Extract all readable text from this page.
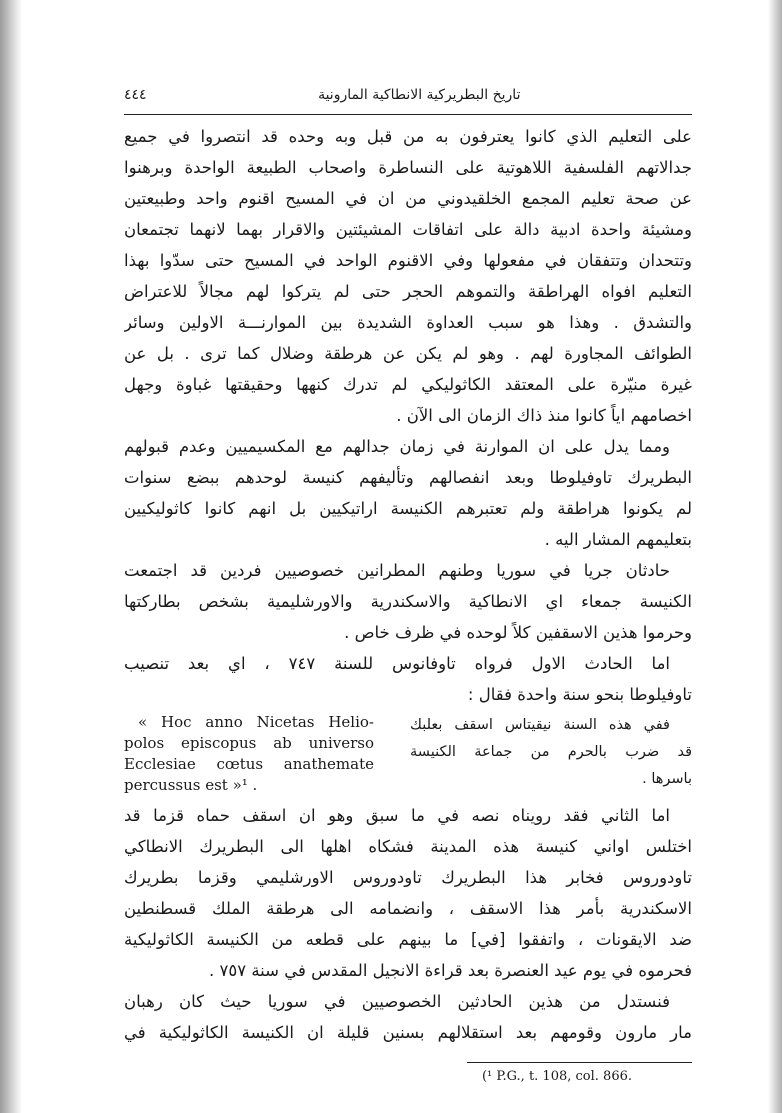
تاريخ البطريركية الانطاكية المارونية
٤٤٤
على التعليم الذي كانوا يعترفون به من قبل وبه وحده قد انتصروا في جميع
جدالاتهم الفلسفية اللاهوتية على النساطرة واصحاب الطبيعة الواحدة وبرهنوا
عن صحة تعليم المجمع الخلقيدوني من ان في المسيح اقنوم واحد وطبيعتين
ومشيئة واحدة ادبية دالة على اتفاقات المشيئتين والاقرار بهما لانهما تجتمعان
وتتحدان وتتفقان في مفعولها وفي الاقنوم الواحد في المسيح حتى سدّوا بهذا
التعليم افواه الهراطقة والتموهم الحجر حتى لم يتركوا لهم مجالاً للاعتراض
والتشدق . وهذا هو سبب العداوة الشديدة بين الموارنـــة الاولين وسائر
الطوائف المجاورة لهم . وهو لم يكن عن هرطقة وضلال كما ترى . بل عن
غيرة منيّرة على المعتقد الكاثوليكي لم تدرك كنهها وحقيقتها غباوة وجهل
اخصامهم اياً كانوا منذ ذاك الزمان الى الآن .
ومما يدل على ان الموارنة في زمان جدالهم مع المكسيميين وعدم قبولهم
البطريرك تاوفيلوطا وبعد انفصالهم وتأليفهم كنيسة لوحدهم ببضع سنوات
لم يكونوا هراطقة ولم تعتبرهم الكنيسة اراتيكيين بل انهم كانوا كاثوليكيين
بتعليمهم المشار اليه .
حادثان جريا في سوريا وطنهم المطرانين خصوصيين فردين قد اجتمعت
الكنيسة جمعاء اي الانطاكية والاسكندرية والاورشليمية بشخص بطاركتها
وحرموا هذين الاسقفين كلاً لوحده في ظرف خاص .
اما الحادث الاول فرواه تاوفانوس للسنة ٧٤٧ ، اي بعد تنصيب
تاوفيلوطا بنحو سنة واحدة فقال :
« Hoc anno Nicetas Helio-
polos episcopus ab universo
Ecclesiae cœtus anathemate
percussus est »¹ .
ففي هذه السنة نيقيتاس اسقف بعلبك
قد ضرب بالحرم من جماعة الكنيسة
باسرها .
اما الثاني فقد رويناه نصه في ما سبق وهو ان اسقف حماه قزما قد
اختلس اواني كنيسة هذه المدينة فشكاه اهلها الى البطريرك الانطاكي
تاودوروس فخابر هذا البطريرك تاودوروس الاورشليمي وقزما بطريرك
الاسكندرية بأمر هذا الاسقف ، وانضمامه الى هرطقة الملك قسطنطين
ضد الايقونات ، واتفقوا [في] ما بينهم على قطعه من الكنيسة الكاثوليكية
فحرموه في يوم عيد العنصرة بعد قراءة الانجيل المقدس في سنة ٧٥٧ .
فنستدل من هذين الحادثين الخصوصيين في سوريا حيث كان رهبان
مار مارون وقومهم بعد استقلالهم بسنين قليلة ان الكنيسة الكاثوليكية في
(¹ P.G., t. 108, col. 866.
